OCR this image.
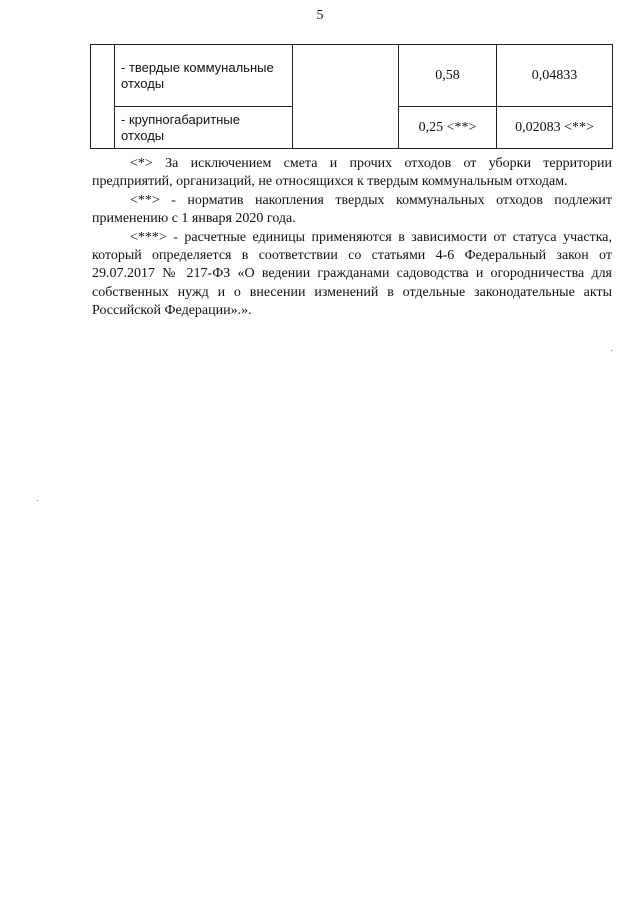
5
	- твердые коммунальные отходы		0,58	0,04833
	- крупногабаритные отходы		0,25 <**>	0,02083 <**>

<*> За исключением смета и прочих отходов от уборки территории предприятий, организаций, не относящихся к твердым коммунальным отходам.

<**> - норматив накопления твердых коммунальных отходов подлежит применению с 1 января 2020 года.

<***> - расчетные единицы применяются в зависимости от статуса участка, который определяется в соответствии со статьями 4-6 Федеральный закон от 29.07.2017 № 217-ФЗ «О ведении гражданами садоводства и огородничества для собственных нужд и о внесении изменений в отдельные законодательные акты Российской Федерации».».
